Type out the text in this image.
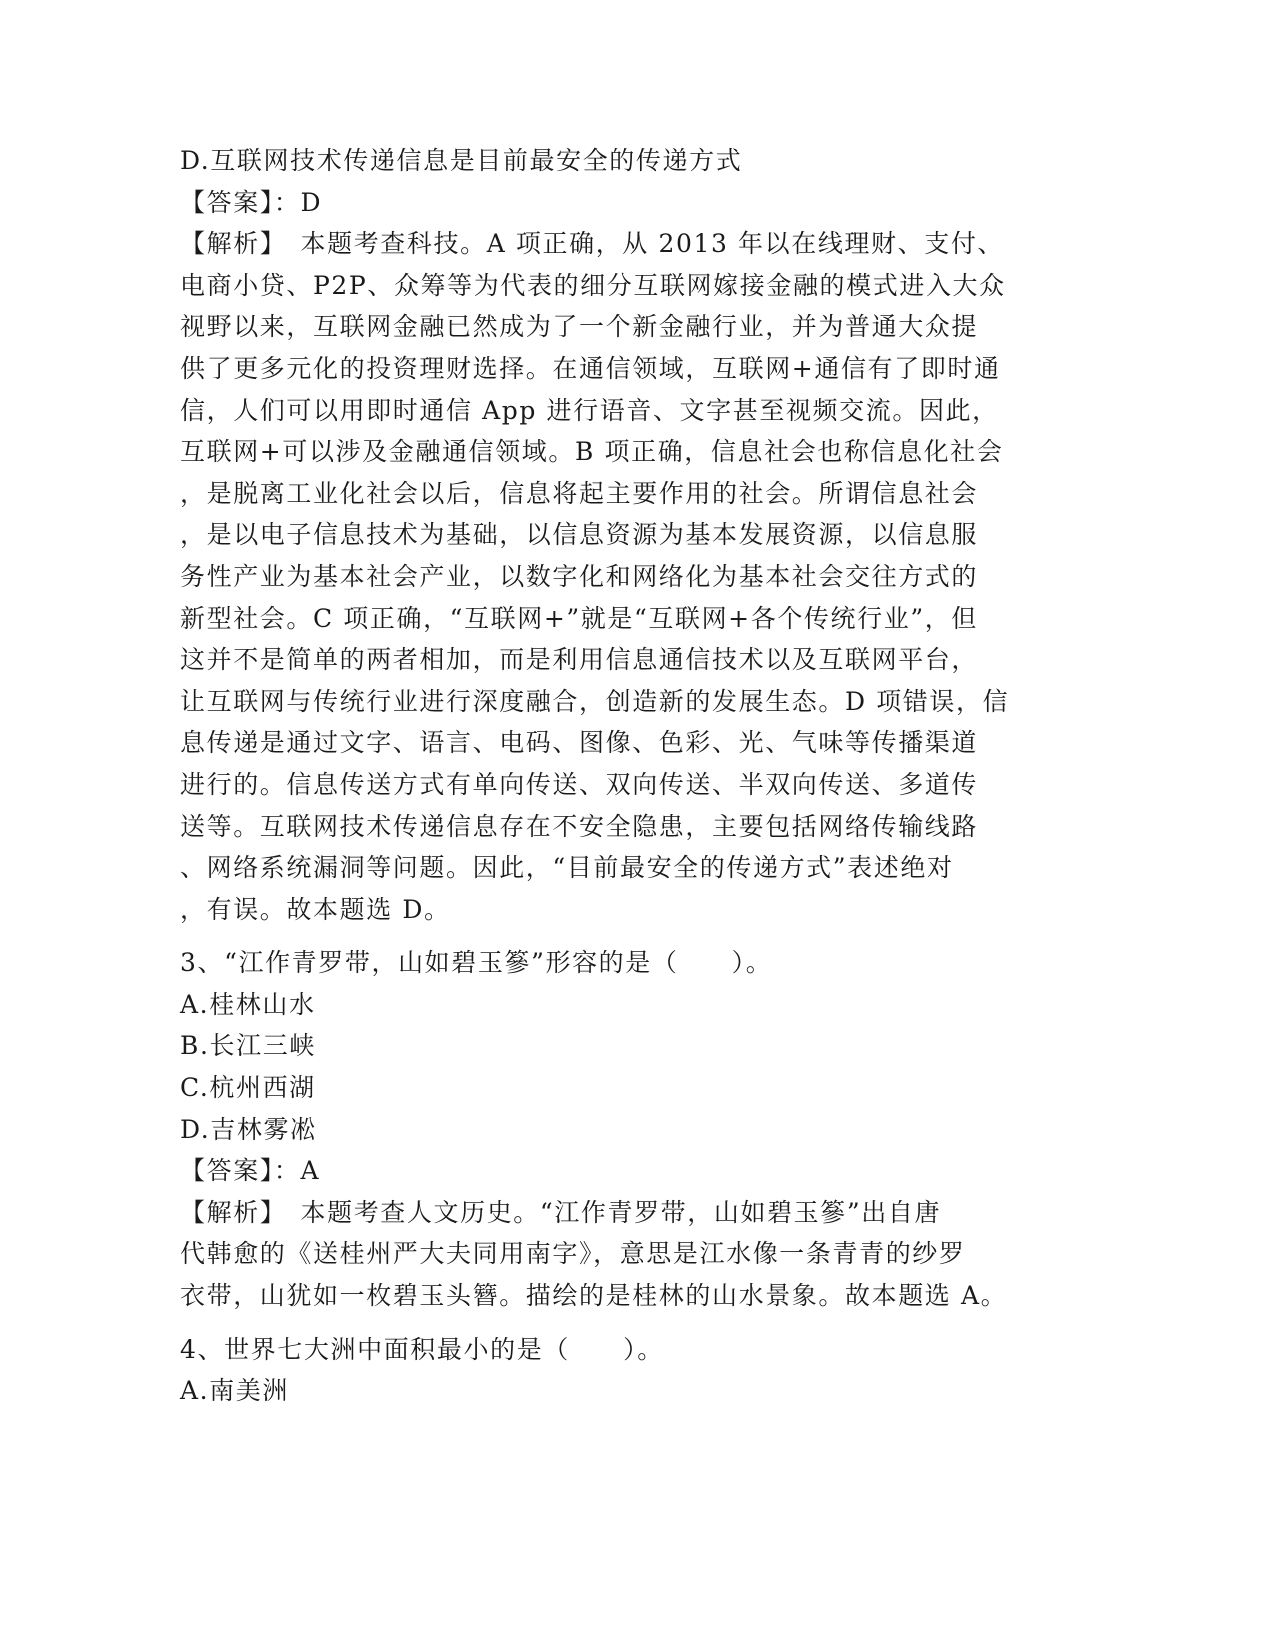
D.互联网技术传递信息是目前最安全的传递方式
【答案】：D
【解析】　本题考查科技。A 项正确，从 2013 年以在线理财、支付、
电商小贷、P2P、众筹等为代表的细分互联网嫁接金融的模式进入大众
视野以来，互联网金融已然成为了一个新金融行业，并为普通大众提
供了更多元化的投资理财选择。在通信领域，互联网+通信有了即时通
信，人们可以用即时通信 App 进行语音、文字甚至视频交流。因此，
互联网+可以涉及金融通信领域。B 项正确，信息社会也称信息化社会
，是脱离工业化社会以后，信息将起主要作用的社会。所谓信息社会
，是以电子信息技术为基础，以信息资源为基本发展资源，以信息服
务性产业为基本社会产业，以数字化和网络化为基本社会交往方式的
新型社会。C 项正确，“互联网+”就是“互联网+各个传统行业”，但
这并不是简单的两者相加，而是利用信息通信技术以及互联网平台，
让互联网与传统行业进行深度融合，创造新的发展生态。D 项错误，信
息传递是通过文字、语言、电码、图像、色彩、光、气味等传播渠道
进行的。信息传送方式有单向传送、双向传送、半双向传送、多道传
送等。互联网技术传递信息存在不安全隐患，主要包括网络传输线路
、网络系统漏洞等问题。因此，“目前最安全的传递方式”表述绝对
，有误。故本题选 D。
3、“江作青罗带，山如碧玉篸”形容的是（　　）。
A.桂林山水
B.长江三峡
C.杭州西湖
D.吉林雾凇
【答案】：A
【解析】　本题考查人文历史。“江作青罗带，山如碧玉篸”出自唐
代韩愈的《送桂州严大夫同用南字》，意思是江水像一条青青的纱罗
衣带，山犹如一枚碧玉头簪。描绘的是桂林的山水景象。故本题选 A。
4、世界七大洲中面积最小的是（　　）。
A.南美洲
